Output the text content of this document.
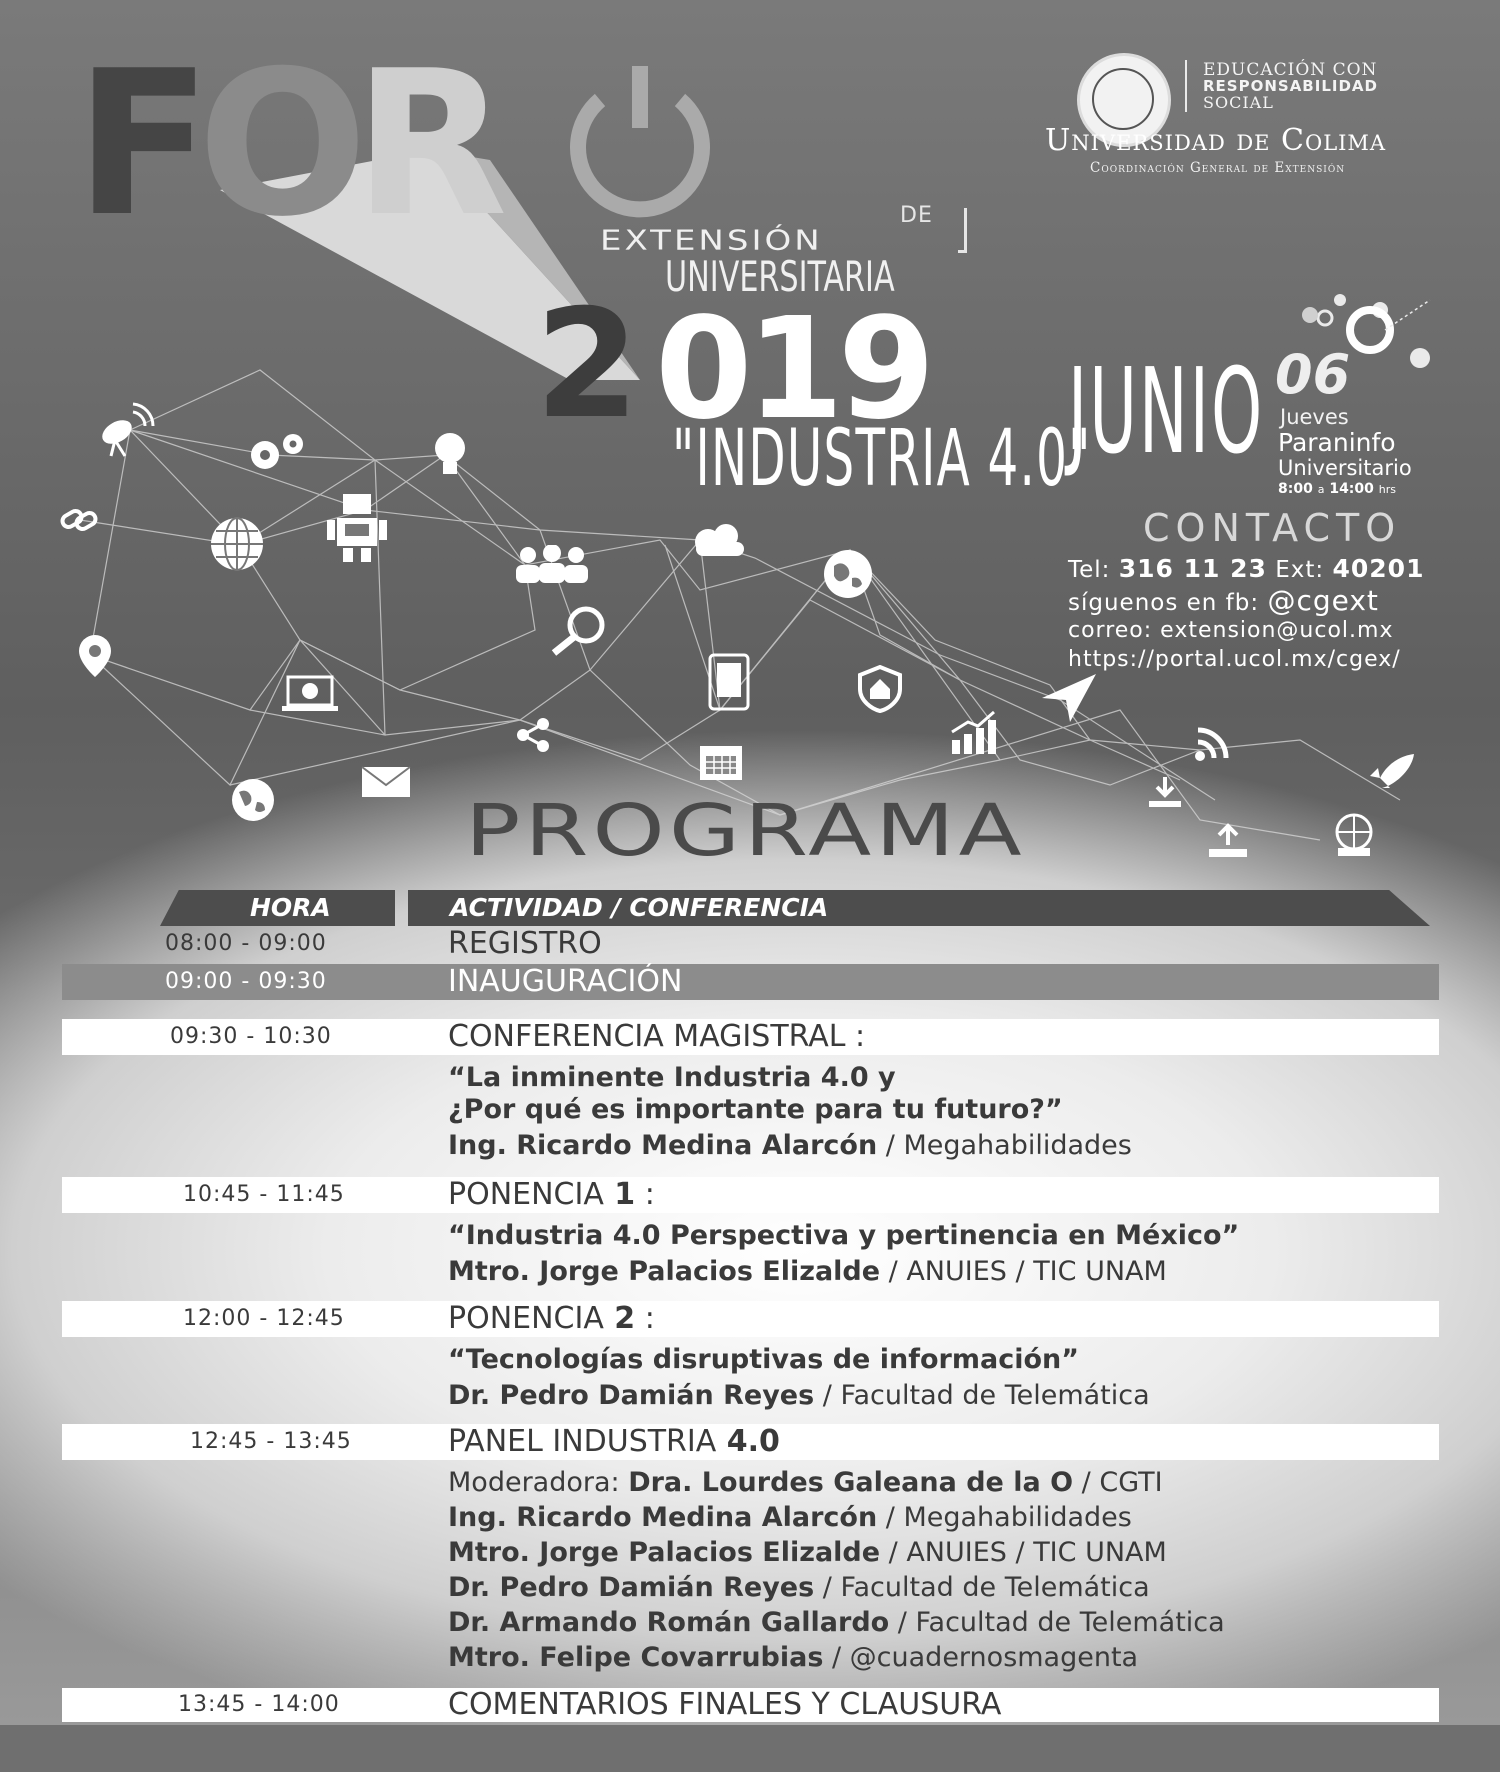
FOR	DE
EXTENSIÓN
UNIVERSITARIA
2 019
"INDUSTRIA 4.0"
EDUCACIÓN CON
RESPONSABILIDAD
SOCIAL
Universidad de Colima
Coordinación General de Extensión
JUNIO 06
Jueves
Paraninfo
Universitario
8:00 a 14:00 hrs
CONTACTO
Tel: 316 11 23 Ext: 40201
síguenos en fb: @cgext
correo: extension@ucol.mx
https://portal.ucol.mx/cgex/
PROGRAMA
HORA	ACTIVIDAD / CONFERENCIA
08:00 - 09:00	REGISTRO
09:00 - 09:30	INAUGURACIÓN
09:30 - 10:30	CONFERENCIA MAGISTRAL :
“La inminente Industria 4.0 y
¿Por qué es importante para tu futuro?”
Ing. Ricardo Medina Alarcón / Megahabilidades
10:45 - 11:45	PONENCIA 1 :
“Industria 4.0 Perspectiva y pertinencia en México”
Mtro. Jorge Palacios Elizalde / ANUIES / TIC UNAM
12:00 - 12:45	PONENCIA 2 :
“Tecnologías disruptivas de información”
Dr. Pedro Damián Reyes / Facultad de Telemática
12:45 - 13:45	PANEL INDUSTRIA 4.0
Moderadora: Dra. Lourdes Galeana de la O / CGTI
Ing. Ricardo Medina Alarcón / Megahabilidades
Mtro. Jorge Palacios Elizalde / ANUIES / TIC UNAM
Dr. Pedro Damián Reyes / Facultad de Telemática
Dr. Armando Román Gallardo / Facultad de Telemática
Mtro. Felipe Covarrubias / @cuadernosmagenta
13:45 - 14:00	COMENTARIOS FINALES Y CLAUSURA
